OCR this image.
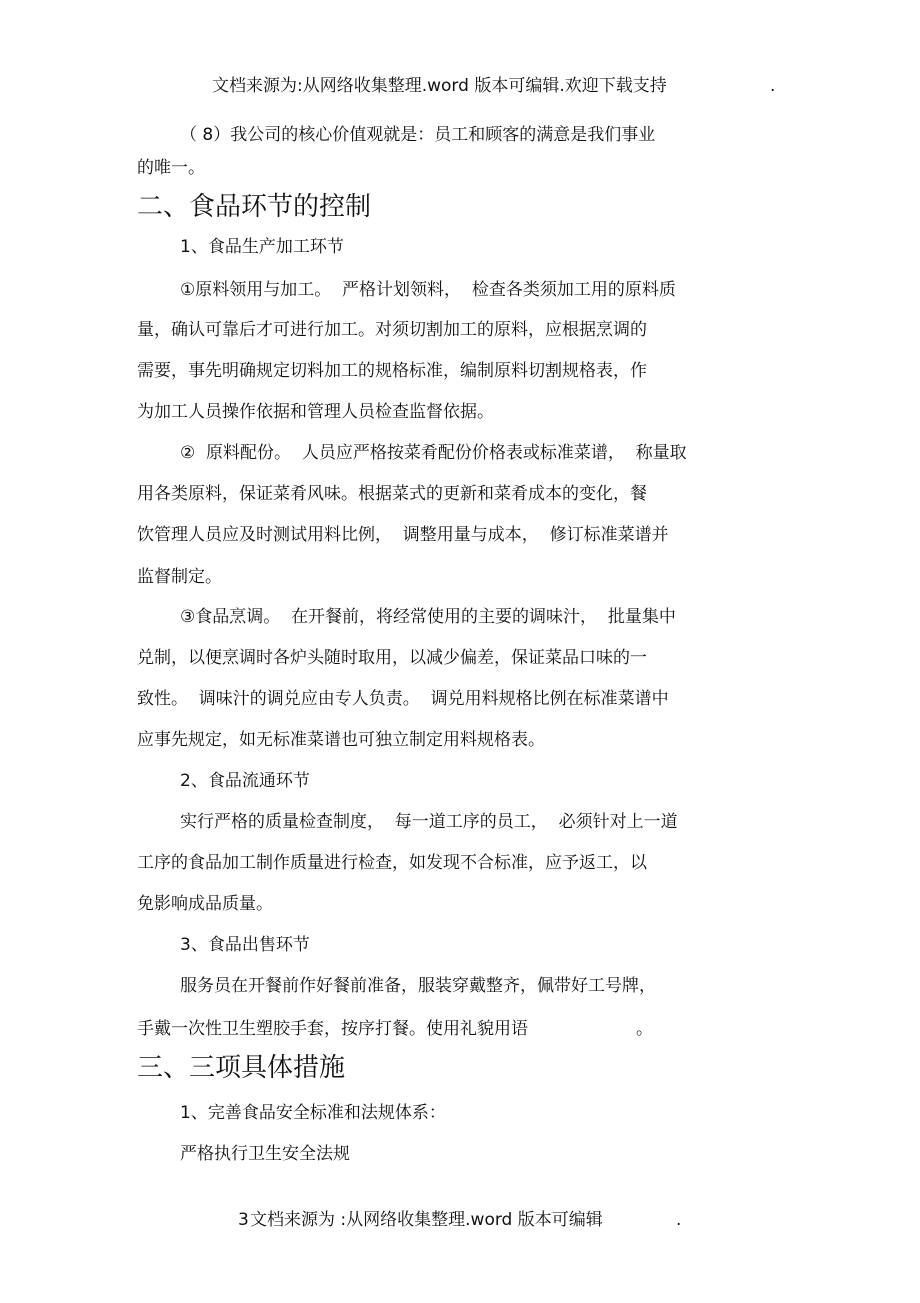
文档来源为:从网络收集整理.word 版本可编辑.欢迎下载支持	.
（ 8）我公司的核心价值观就是：员工和顾客的满意是我们事业
的唯一。
二、食品环节的控制
1、食品生产加工环节
①原料领用与加工。  严格计划领料，  检查各类须加工用的原料质
量，确认可靠后才可进行加工。对须切割加工的原料，应根据烹调的
需要，事先明确规定切料加工的规格标准，编制原料切割规格表，作
为加工人员操作依据和管理人员检查监督依据。
②  原料配份。  人员应严格按菜肴配份价格表或标准菜谱，  称量取
用各类原料，保证菜肴风味。根据菜式的更新和菜肴成本的变化，餐
饮管理人员应及时测试用料比例，  调整用量与成本，  修订标准菜谱并
监督制定。
③食品烹调。  在开餐前，将经常使用的主要的调味汁，  批量集中
兑制，以便烹调时各炉头随时取用，以减少偏差，保证菜品口味的一
致性。  调味汁的调兑应由专人负责。  调兑用料规格比例在标准菜谱中
应事先规定，如无标准菜谱也可独立制定用料规格表。
2、食品流通环节
实行严格的质量检查制度，  每一道工序的员工，  必须针对上一道
工序的食品加工制作质量进行检查，如发现不合标准，应予返工，以
免影响成品质量。
3、食品出售环节
服务员在开餐前作好餐前准备，服装穿戴整齐，佩带好工号牌，
手戴一次性卫生塑胶手套，按序打餐。使用礼貌用语	。
三、三项具体措施
1、完善食品安全标准和法规体系：
严格执行卫生安全法规
3 文档来源为 :从网络收集整理.word 版本可编辑	.
